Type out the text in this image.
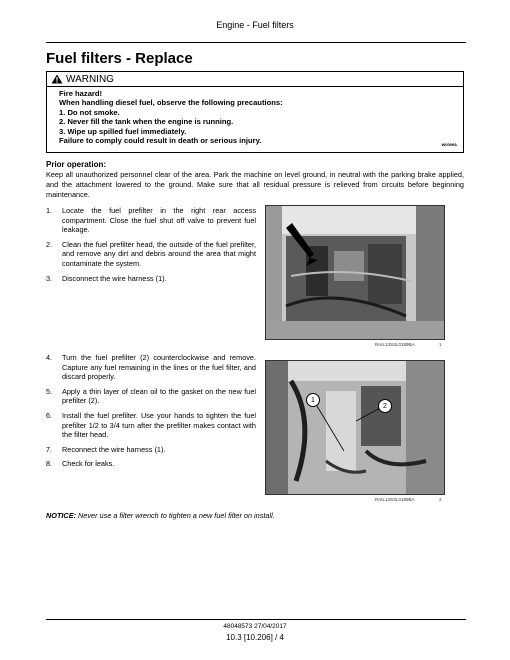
Engine - Fuel filters
Fuel filters - Replace
WARNING
Fire hazard!
When handling diesel fuel, observe the following precautions:
1. Do not smoke.
2. Never fill the tank when the engine is running.
3. Wipe up spilled fuel immediately.
Failure to comply could result in death or serious injury.	W0099A
Prior operation:
Keep all unauthorized personnel clear of the area. Park the machine on level ground, in neutral with the parking brake applied, and the attachment lowered to the ground. Make sure that all residual pressure is relieved from circuits before beginning maintenance.
1.	Locate the fuel prefilter in the right rear access compartment. Close the fuel shut off valve to prevent fuel leakage.
2.	Clean the fuel prefilter head, the outside of the fuel prefilter, and remove any dirt and debris around the area that might contaminate the system.
3.	Disconnect the wire harness (1).
RAIL13SSL0189BA	1
4.	Turn the fuel prefilter (2) counterclockwise and remove. Capture any fuel remaining in the lines or the fuel filter, and discard properly.
5.	Apply a thin layer of clean oil to the gasket on the new fuel prefilter (2).
6.	Install the fuel prefilter. Use your hands to tighten the fuel prefilter 1/2 to 3/4 turn after the prefilter makes contact with the filter head.
7.	Reconnect the wire harness (1).
8.	Check for leaks.
1
2
RAIL13SSL0189BA	2
NOTICE: Never use a filter wrench to tighten a new fuel filter on install.
48048573 27/04/2017
10.3 [10.206] / 4
